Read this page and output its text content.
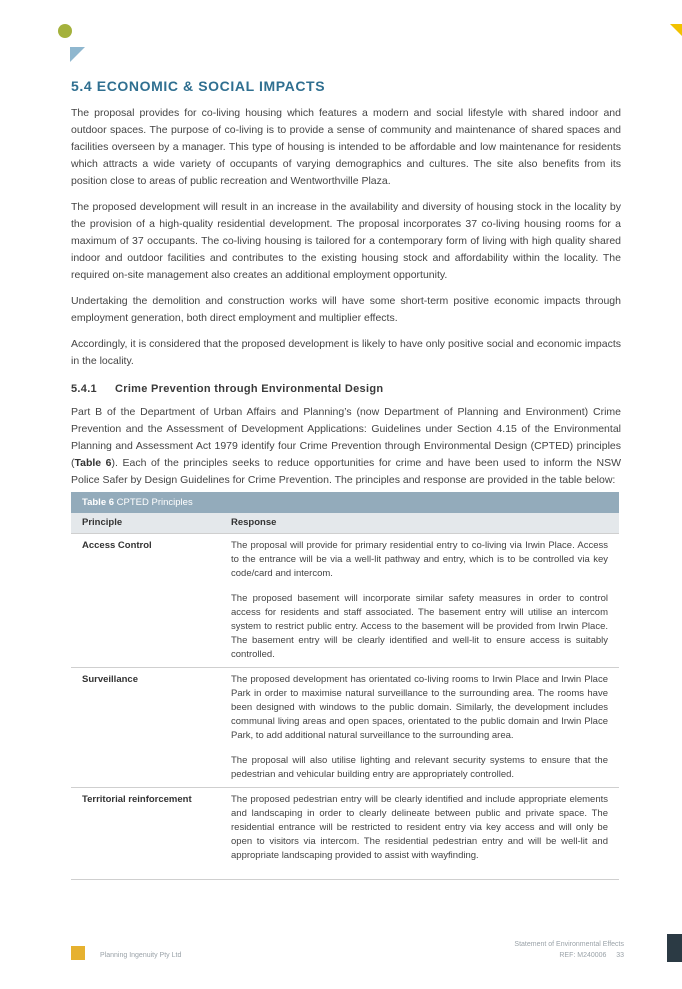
5.4 ECONOMIC & SOCIAL IMPACTS

The proposal provides for co-living housing which features a modern and social lifestyle with shared indoor and outdoor spaces. The purpose of co-living is to provide a sense of community and maintenance of shared spaces and facilities overseen by a manager. This type of housing is intended to be affordable and low maintenance for residents which attracts a wide variety of occupants of varying demographics and cultures. The site also benefits from its position close to areas of public recreation and Wentworthville Plaza.

The proposed development will result in an increase in the availability and diversity of housing stock in the locality by the provision of a high-quality residential development. The proposal incorporates 37 co-living housing rooms for a maximum of 37 occupants. The co-living housing is tailored for a contemporary form of living with high quality shared indoor and outdoor facilities and contributes to the existing housing stock and affordability within the locality. The required on-site management also creates an additional employment opportunity.

Undertaking the demolition and construction works will have some short-term positive economic impacts through employment generation, both direct employment and multiplier effects.

Accordingly, it is considered that the proposed development is likely to have only positive social and economic impacts in the locality.

5.4.1 Crime Prevention through Environmental Design

Part B of the Department of Urban Affairs and Planning’s (now Department of Planning and Environment) Crime Prevention and the Assessment of Development Applications: Guidelines under Section 4.15 of the Environmental Planning and Assessment Act 1979 identify four Crime Prevention through Environmental Design (CPTED) principles (Table 6). Each of the principles seeks to reduce opportunities for crime and have been used to inform the NSW Police Safer by Design Guidelines for Crime Prevention. The principles and response are provided in the table below:

Table 6 CPTED Principles
Principle	Response
Access Control	The proposal will provide for primary residential entry to co-living via Irwin Place. Access to the entrance will be via a well-lit pathway and entry, which is to be controlled via key code/card and intercom.

The proposed basement will incorporate similar safety measures in order to control access for residents and staff associated. The basement entry will utilise an intercom system to restrict public entry. Access to the basement will be provided from Irwin Place. The basement entry will be clearly identified and well-lit to ensure access is suitably controlled.

Surveillance	The proposed development has orientated co-living rooms to Irwin Place and Irwin Place Park in order to maximise natural surveillance to the surrounding area. The rooms have been designed with windows to the public domain. Similarly, the development includes communal living areas and open spaces, orientated to the public domain and Irwin Place Park, to add additional natural surveillance to the surrounding area.

The proposal will also utilise lighting and relevant security systems to ensure that the pedestrian and vehicular building entry are appropriately controlled.

Territorial reinforcement	The proposed pedestrian entry will be clearly identified and include appropriate elements and landscaping in order to clearly delineate between public and private space. The residential entrance will be restricted to resident entry via key access and will only be open to visitors via intercom. The residential pedestrian entry and will be well-lit and appropriate landscaping provided to assist with wayfinding.

Planning Ingenuity Pty Ltd
Statement of Environmental Effects
REF: M240006 33
